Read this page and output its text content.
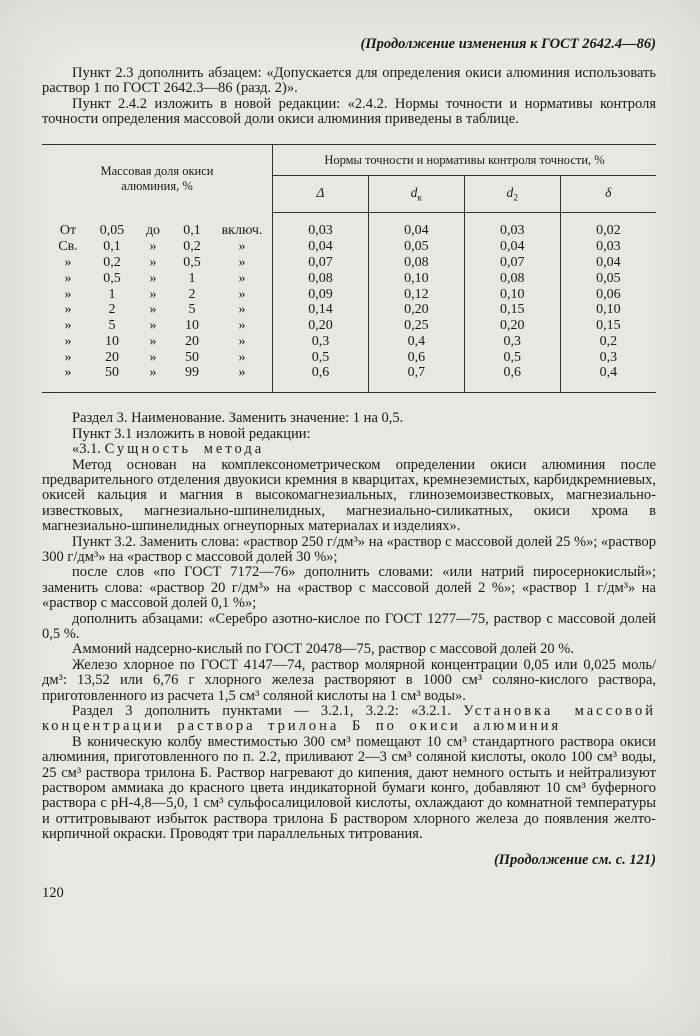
(Продолжение изменения к ГОСТ 2642.4—86)

Пункт 2.3 дополнить абзацем: «Допускается для определения окиси алюминия использовать раствор 1 по ГОСТ 2642.3—86 (разд. 2)».

Пункт 2.4.2 изложить в новой редакции: «2.4.2. Нормы точности и нормативы контроля точности определения массовой доли окиси алюминия приведены в таблице.

Массовая доля окиси алюминия, %	Нормы точности и нормативы контроля точности, %			
	Δ	$d_к$	$d_2$	δ

От 0,05 до 0,1 включ.	0,03	0,04	0,03	0,02

Св. 0,1 » 0,2 »	0,04	0,05	0,04	0,03

» 0,2 » 0,5 »	0,07	0,08	0,07	0,04

» 0,5 » 1 »	0,08	0,10	0,08	0,05

» 1 » 2 »	0,09	0,12	0,10	0,06

» 2 » 5 »	0,14	0,20	0,15	0,10

» 5 » 10 »	0,20	0,25	0,20	0,15

» 10 » 20 »	0,3	0,4	0,3	0,2

» 20 » 50 »	0,5	0,6	0,5	0,3

» 50 » 99 »	0,6	0,7	0,6	0,4

Раздел 3. Наименование. Заменить значение: 1 на 0,5.

Пункт 3.1 изложить в новой редакции:

«3.1. Сущность метода

Метод основан на комплексонометрическом определении окиси алюминия после предварительного отделения двуокиси кремния в кварцитах, кремнеземистых, карбидкремниевых, окисей кальция и магния в высокомагнезиальных, глиноземоизвестковых, магнезиально-известковых, магнезиально-шпинелидных, магнезиально-силикатных, окиси хрома в магнезиально-шпинелидных огнеупорных материалах и изделиях».

Пункт 3.2. Заменить слова: «раствор 250 г/дм³» на «раствор с массовой долей 25 %»; «раствор 300 г/дм³» на «раствор с массовой долей 30 %»;

после слов «по ГОСТ 7172—76» дополнить словами: «или натрий пиросернокислый»; заменить слова: «раствор 20 г/дм³» на «раствор с массовой долей 2 %»; «раствор 1 г/дм³» на «раствор с массовой долей 0,1 %»;

дополнить абзацами: «Серебро азотно-кислое по ГОСТ 1277—75, раствор с массовой долей 0,5 %.

Аммоний надсерно-кислый по ГОСТ 20478—75, раствор с массовой долей 20 %.

Железо хлорное по ГОСТ 4147—74, раствор молярной концентрации 0,05 или 0,025 моль/дм³: 13,52 или 6,76 г хлорного железа растворяют в 1000 см³ соляно-кислого раствора, приготовленного из расчета 1,5 см³ соляной кислоты на 1 см³ воды».

Раздел 3 дополнить пунктами — 3.2.1, 3.2.2: «3.2.1. Установка массовой концентрации раствора трилона Б по окиси алюминия

В коническую колбу вместимостью 300 см³ помещают 10 см³ стандартного раствора окиси алюминия, приготовленного по п. 2.2, приливают 2—3 см³ соляной кислоты, около 100 см³ воды, 25 см³ раствора трилона Б. Раствор нагревают до кипения, дают немного остыть и нейтрализуют раствором аммиака до красного цвета индикаторной бумаги конго, добавляют 10 см³ буферного раствора с рН-4,8—5,0, 1 см³ сульфосалициловой кислоты, охлаждают до комнатной температуры и оттитровывают избыток раствора трилона Б раствором хлорного железа до появления желто-кирпичной окраски. Проводят три параллельных титрования.

(Продолжение см. с. 121)
120
